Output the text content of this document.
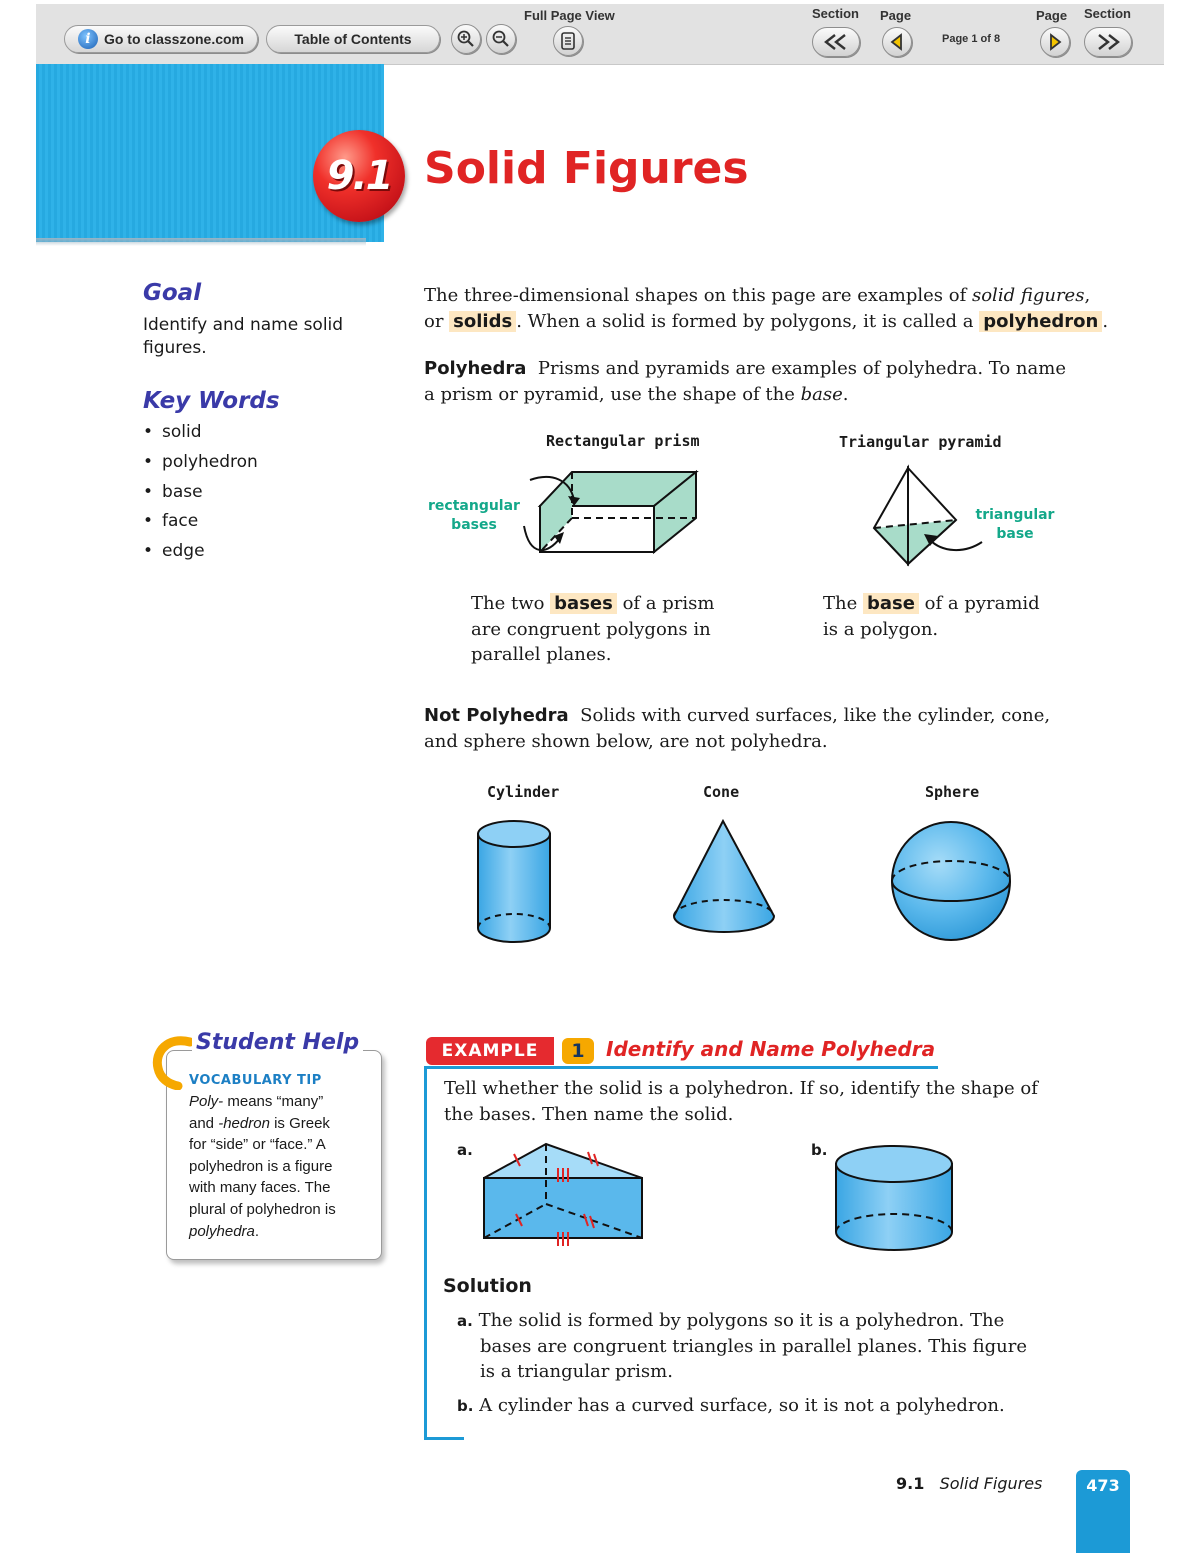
i Go to classzone.com	Table of Contents
Full Page View	Section Page
Page 1 of 8
Page Section
9.1 Solid Figures
Goal
Identify and name solid
figures.
Key Words
• solid
• polyhedron
• base
• face
• edge
The three-dimensional shapes on this page are examples of solid figures,
or solids . When a solid is formed by polygons, it is called a polyhedron .
Polyhedra Prisms and pyramids are examples of polyhedra. To name
a prism or pyramid, use the shape of the base.
Rectangular prism	Triangular pyramid
rectangular
bases
triangular
base
The two bases of a prism
are congruent polygons in
parallel planes.
The base of a pyramid
is a polygon.
Not Polyhedra Solids with curved surfaces, like the cylinder, cone,
and sphere shown below, are not polyhedra.
Cylinder	Cone	Sphere
Student Help
VOCABULARY TIP
Poly- means “many”
and -hedron is Greek
for “side” or “face.” A
polyhedron is a figure
with many faces. The
plural of polyhedron is
polyhedra.
EXAMPLE	1	Identify and Name Polyhedra
Tell whether the solid is a polyhedron. If so, identify the shape of
the bases. Then name the solid.
a.	b.
Solution
a. The solid is formed by polygons so it is a polyhedron. The
bases are congruent triangles in parallel planes. This figure
is a triangular prism.
b. A cylinder has a curved surface, so it is not a polyhedron.
9.1 Solid Figures	473
